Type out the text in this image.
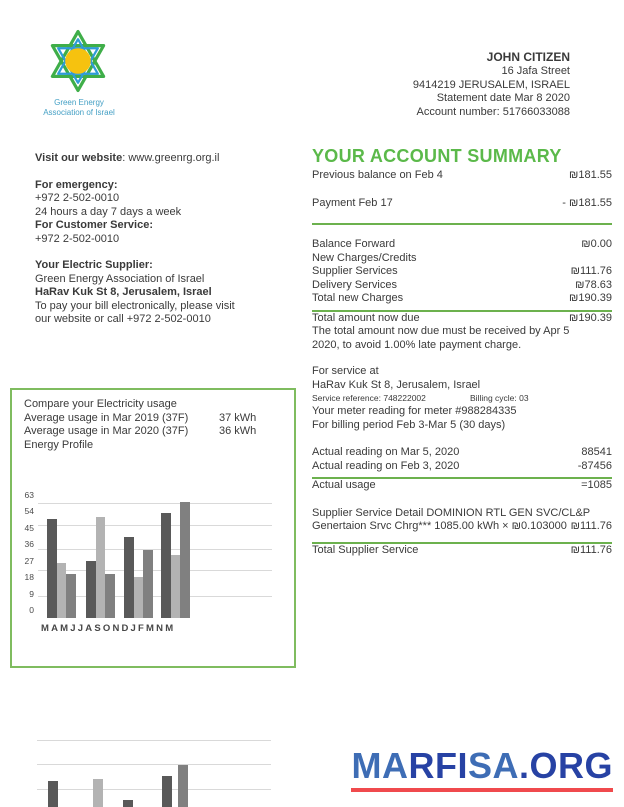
Green Energy
Association of Israel
JOHN CITIZEN
16 Jafa Street
9414219 JERUSALEM, ISRAEL
Statement date Mar 8 2020
Account number: 51766033088
Visit our website: www.greenrg.org.il
For emergency:
+972 2-502-0010
24 hours a day 7 days a week
For Customer Service:
+972 2-502-0010
Your Electric Supplier:
Green Energy Association of Israel
HaRav Kuk St 8, Jerusalem, Israel
To pay your bill electronically, please visit
our website or call +972 2-502-0010
YOUR ACCOUNT SUMMARY
Previous balance on Feb 4	₪181.55
Payment Feb 17	- ₪181.55
Balance Forward	₪0.00
New Charges/Credits
Supplier Services	₪111.76
Delivery Services	₪78.63
Total new Charges	₪190.39
Total amount now due	₪190.39
The total amount now due must be received by Apr 5
2020, to avoid 1.00% late payment charge.
For service at
HaRav Kuk St 8, Jerusalem, Israel
Service reference: 748222002	Billing cycle: 03
Your meter reading for meter #988284335
For billing period Feb 3-Mar 5 (30 days)
Actual reading on Mar 5, 2020	88541
Actual reading on Feb 3, 2020	-87456
Actual usage	=1085
Supplier Service Detail DOMINION RTL GEN SVC/CL&P
Genertaion Srvc Chrg*** 1085.00 kWh × ₪0.103000 ₪111.76
Total Supplier Service	₪111.76
Compare your Electricity usage
Average usage in Mar 2019 (37F)	37 kWh
Average usage in Mar 2020 (37F)	36 kWh
Energy Profile
63
54
45
36
27
18
9
0
MAMJJASONDJFMNM
MARFISA.ORG
